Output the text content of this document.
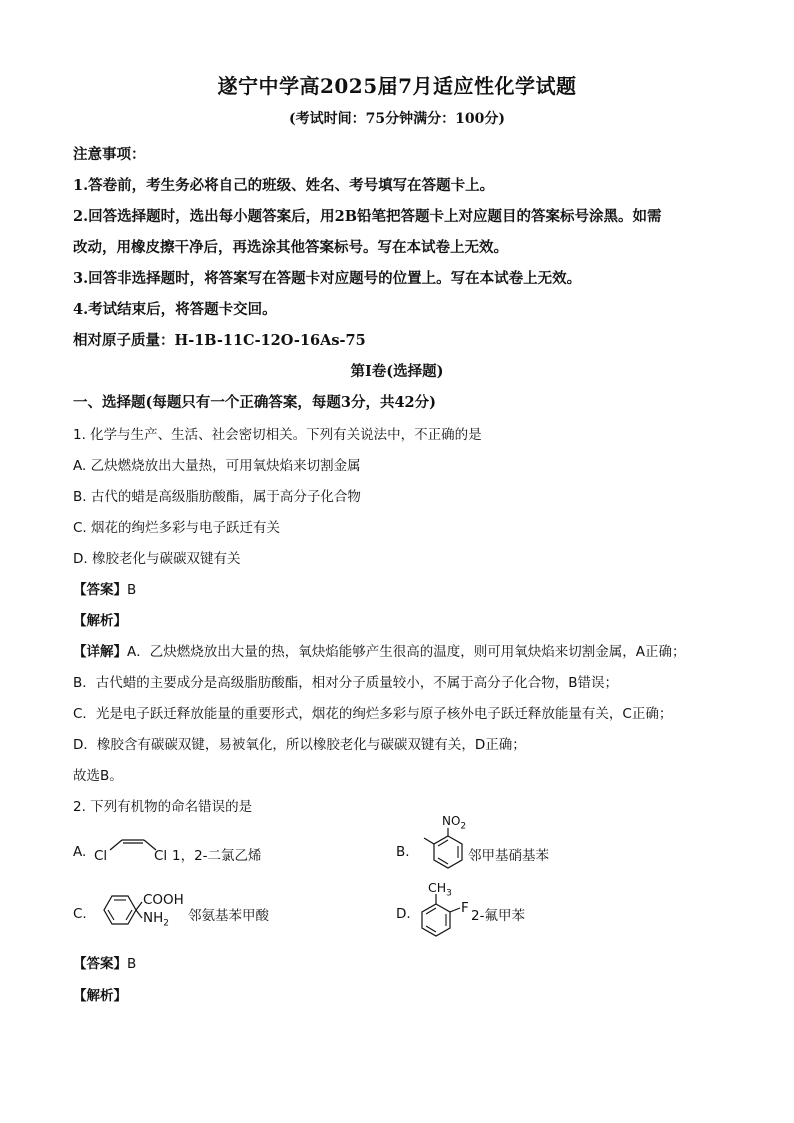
遂宁中学高2025届7月适应性化学试题
(考试时间：75分钟满分：100分)
注意事项：
1.答卷前，考生务必将自己的班级、姓名、考号填写在答题卡上。
2.回答选择题时，选出每小题答案后，用2B铅笔把答题卡上对应题目的答案标号涂黑。如需
改动，用橡皮擦干净后，再选涂其他答案标号。写在本试卷上无效。
3.回答非选择题时，将答案写在答题卡对应题号的位置上。写在本试卷上无效。
4.考试结束后，将答题卡交回。
相对原子质量：H-1B-11C-12O-16As-75
第Ⅰ卷(选择题)
一、选择题(每题只有一个正确答案，每题3分，共42分)
1. 化学与生产、生活、社会密切相关。下列有关说法中，不正确的是
A. 乙炔燃烧放出大量热，可用氧炔焰来切割金属
B. 古代的蜡是高级脂肪酸酯，属于高分子化合物
C. 烟花的绚烂多彩与电子跃迁有关
D. 橡胶老化与碳碳双键有关
【答案】B
【解析】
【详解】A．乙炔燃烧放出大量的热，氧炔焰能够产生很高的温度，则可用氧炔焰来切割金属，A正确；
B．古代蜡的主要成分是高级脂肪酸酯，相对分子质量较小，不属于高分子化合物，B错误；
C．光是电子跃迁释放能量的重要形式，烟花的绚烂多彩与原子核外电子跃迁释放能量有关，C正确；
D．橡胶含有碳碳双键，易被氧化，所以橡胶老化与碳碳双键有关，D正确；
故选B。
2. 下列有机物的命名错误的是
A. Cl	Cl 1，2-二氯乙烯	B.
$NO_2$
邻甲基硝基苯
C.
COOH
$NH_2$ 邻氨基苯甲酸	D.
$CH_3$
F 2-氟甲苯
【答案】B
【解析】
